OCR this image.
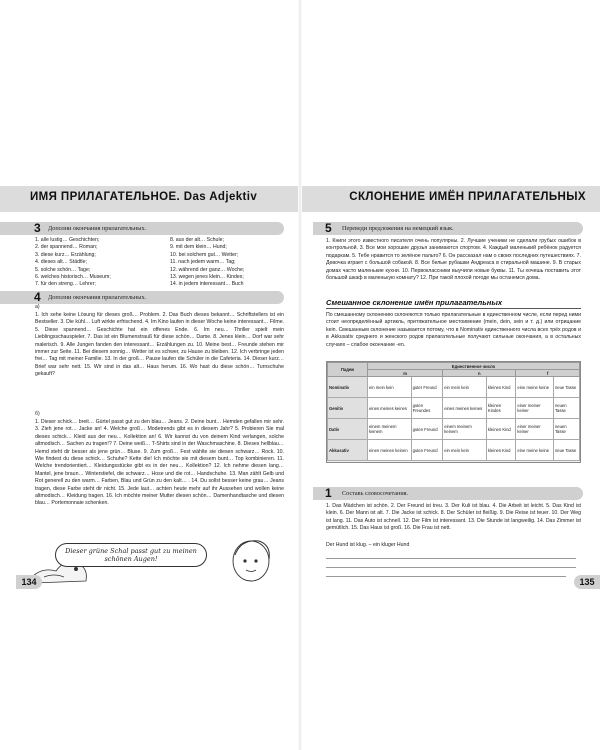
ИМЯ ПРИЛАГАТЕЛЬНОЕ. Das Adjektiv	СКЛОНЕНИЕ ИМЁН ПРИЛАГАТЕЛЬНЫХ
3 Дополни окончания прилагательных.
1. alle lustig… Geschichten;
2. der spannend… Roman;
3. diese kurz… Erzählung;
4. dieses alt… Städtle;
5. solche schön… Tage;
6. welches historisch… Museum;
7. für den streng… Lehrer;
8. aus der alt… Schule;
9. mit dem klein… Hund;
10. bei solchem gut… Wetter;
11. nach jedem warm… Tag;
12. während der ganz… Woche;
13. wegen jenes klein… Kindes;
14. in jedem interessant… Buch
4 Дополни окончания прилагательных.
a)
1. Ich sehe keine Lösung für dieses groß… Problem. 2. Das Buch dieses bekannt… Schriftstellers ist ein Bestseller. 3. Die kühl… Luft wirkte erfrischend. 4. Im Kino laufen in dieser Woche keine interessant… Filme. 5. Diese spannend… Geschichte hat ein offenes Ende. 6. Im neu… Thriller spielt mein Lieblingsschauspieler. 7. Das ist ein Blumenstrauß für diese schön… Dame. 8. Jenes klein… Dorf war sehr malerisch. 9. Alle Jungen fanden den interessant… Erzählungen zu. 10. Meine best… Freunde stehen mir immer zur Seite. 11. Bei diesem sonnig… Wetter ist es schwer, zu Hause zu bleiben. 12. Ich verbringe jeden frei… Tag mit meiner Familie. 13. In der groß… Pause laufen die Schüler in die Cafeteria. 14. Dieser kurz… Brief war sehr nett. 15. Wir sind in das alt… Haus herum. 16. Wo hast du diese schön… Turnschuhe gekauft?
б)
1. Dieser schick… breit… Gürtel passt gut zu den blau… Jeans. 2. Deine bunt… Hemden gefallen mir sehr. 3. Zieh jene rot… Jacke an! 4. Welche groß… Modetrends gibt es in diesem Jahr? 5. Probieren Sie mal dieses schick… Kleid aus der neu… Kollektion an! 6. Wir kannst du von deinem Kind verlangen, solche altmodisch… Sachen zu tragen!? 7. Deine weiß… T-Shirts sind in der Waschmaschine. 8. Dieses hellblau… Hemd steht dir besser als jene grün… Bluse. 9. Zum groß… Fest wählte sie diesen schwarz… Rock. 10. Wie findest du diese schick… Schuhe? Kette die! Ich möchte sie mit diesem bunt… Top kombinieren. 11. Welche trendorientiert… Kleidungsstücke gibt es in der neu… Kollektion? 12. Ich nehme diesen lang… Mantel, jene braun… Winterstiefel, die schwarz… Hose und die rot… Handschuhe. 13. Man zählt Gelb und Rot generell zu den warm… Farben, Blau und Grün zu den kalt… . 14. Du sollst besser keine grau… Jeans tragen, diese Farbe steht dir nicht. 15. Jede laut… achten heute mehr auf ihr Aussehen und wollen keine altmodisch… Kleidung tragen. 16. Ich möchte meiner Mutter diesen schön… Damenhandtasche und diesen blau… Portemonnaie schenken.
Dieser grüne Schal passt gut zu meinen schönen Augen!
134
5 Переведи предложения на немецкий язык.
1. Книги этого известного писателя очень популярны. 2. Лучшие ученики не сделали грубых ошибок в контрольной. 3. Все мои хорошие друзья занимаются спортом. 4. Каждый маленький ребёнок радуется подаркам. 5. Тебе нравится то зелёное пальто? 6. Он рассказал нам о своих последних путешествиях. 7. Девочка играет с большой собакой. 8. Все белые рубашки Андреаса в стиральной машине. 9. В старых домах часто маленькие кухни. 10. Первоклассники выучили новые буквы. 11. Ты хочешь поставить этот большой шкаф в маленькую комнату? 12. При такой плохой погоде мы останемся дома.
Смешанное склонение имён прилагательных
По смешанному склонению склоняются только прилагательные в единственном числе, если перед ними стоит неопределённый артикль, притяжательное местоимение (mein, dein, sein и т. д.) или отрицание kein. Смешанным склонение называется потому, что в Nominativ единственного числа всех трёх родов и в Akkusativ среднего и женского родов прилагательные получают сильные окончания, а в остальных случаях – слабое окончание -en.
Падеж	Единственное число					
	m		n		f	
Nominativ	ein mein kein	guter Freund	ein mein kein	kleines Kind	eine meine keine	neue Tasse
Genitiv	eines meines keines	guten Freundes	eines meines keines	kleinen Kindes	einer meiner keiner	neuen Tasse
Dativ	einem meinem keinem	guten Freund	einem meinem keinem	kleinen Kind	einer meiner keiner	neuen Tasse
Akkusativ	einen meinen keinen	guten Freund	ein mein kein	kleines Kind	eine meine keine	neue Tasse
1 Составь словосочетания.
1. Das Mädchen ist schön. 2. Der Freund ist treu. 3. Der Kuli ist blau. 4. Die Arbeit ist leicht. 5. Das Kind ist klein. 6. Der Mann ist alt. 7. Die Jacke ist schick. 8. Der Schüler ist fleißig. 9. Die Reise ist teuer. 10. Der Weg ist lang. 11. Das Auto ist schnell. 12. Der Film ist interessant. 13. Die Stunde ist langweilig. 14. Das Zimmer ist gemütlich. 15. Das Haus ist groß. 16. Die Frau ist nett.
Der Hund ist klug. – ein kluger Hund
135
